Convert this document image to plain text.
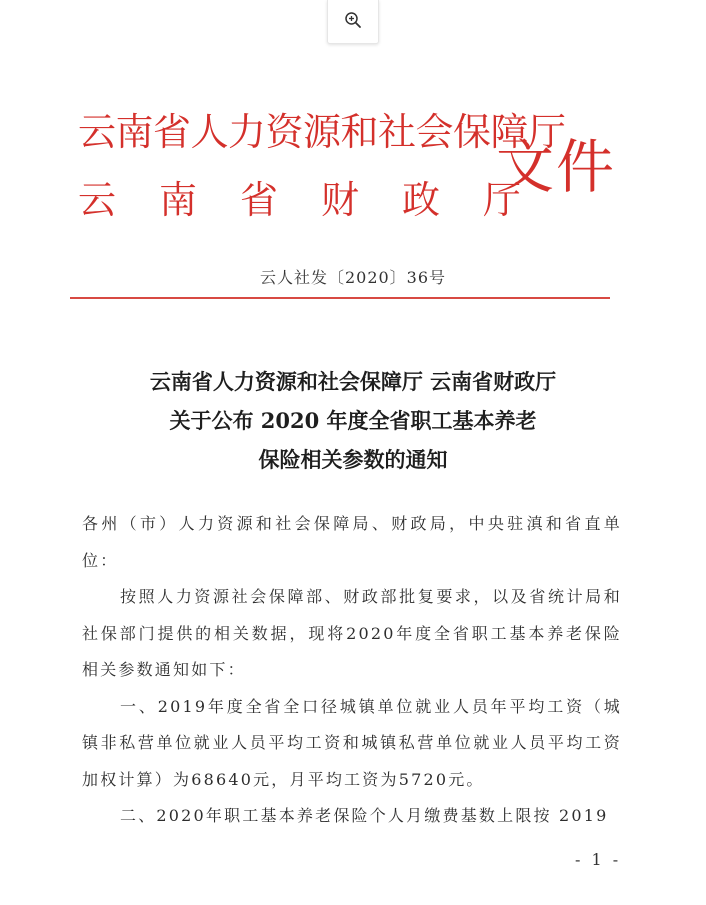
云南省人力资源和社会保障厅
云南省财政厅
文件
云人社发〔2020〕36号
云南省人力资源和社会保障厅 云南省财政厅
关于公布 2020 年度全省职工基本养老
保险相关参数的通知

各州（市）人力资源和社会保障局、财政局，中央驻滇和省直单位：

按照人力资源社会保障部、财政部批复要求，以及省统计局和社保部门提供的相关数据，现将2020年度全省职工基本养老保险相关参数通知如下：

一、2019年度全省全口径城镇单位就业人员年平均工资（城镇非私营单位就业人员平均工资和城镇私营单位就业人员平均工资加权计算）为68640元，月平均工资为5720元。

二、2020年职工基本养老保险个人月缴费基数上限按 2019

- 1 -
